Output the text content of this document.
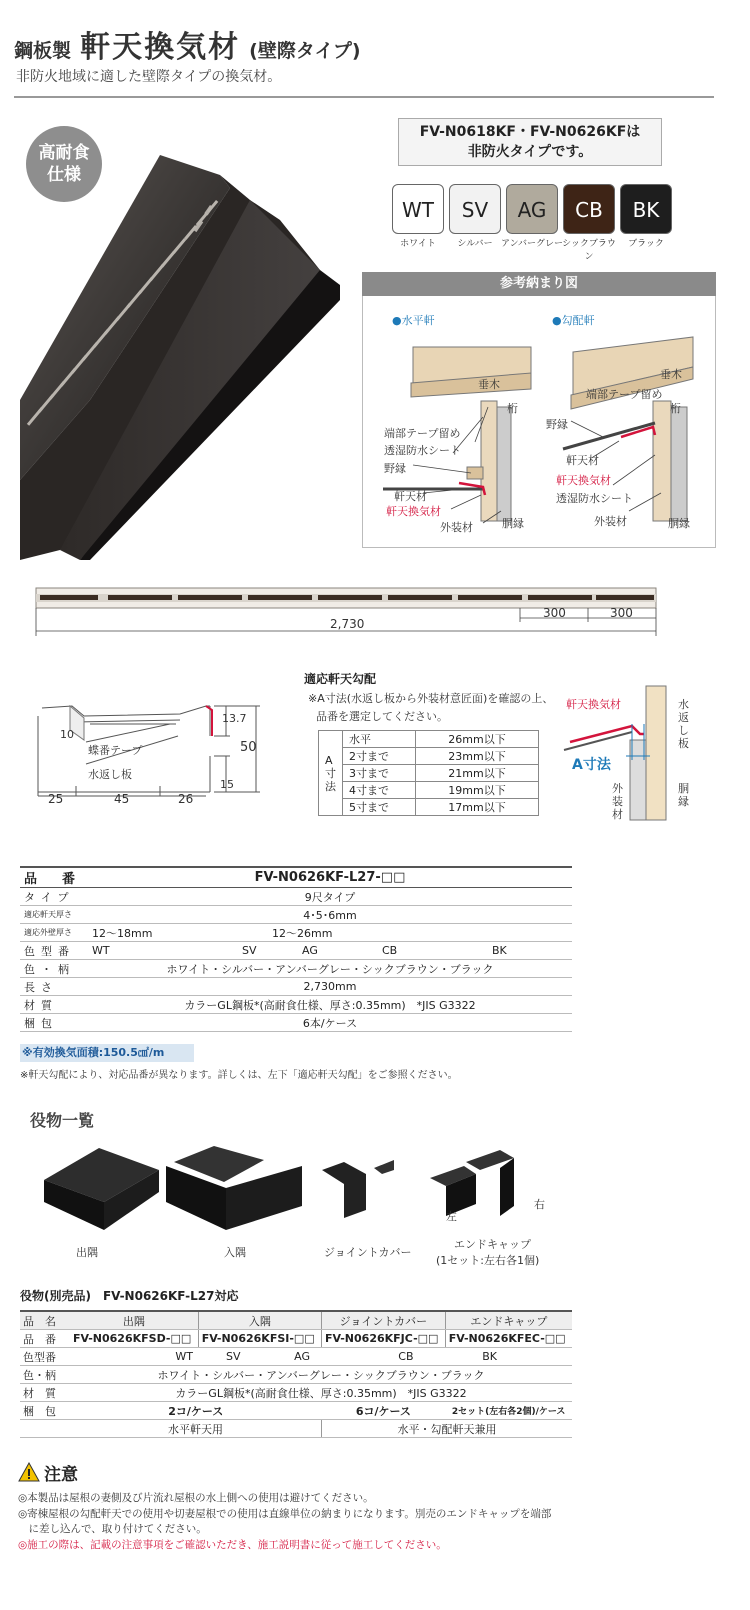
鋼板製 軒天換気材 (壁際タイプ)
非防火地域に適した壁際タイプの換気材。
高耐食
仕様
FV-N0618KF・FV-N0626KFは
非防火タイプです。
WT
ホワイト
SV
シルバー
AG
アンバーグレー
CB
シックブラウン
BK
ブラック
参考納まり図
●水平軒	●勾配軒
垂木
桁
端部テープ留め
透湿防水シート
野縁
軒天材
軒天換気材
外装材	胴縁
垂木
端部テープ留め
桁
野縁
軒天材
軒天換気材
透湿防水シート
外装材	胴縁
2,730
300	300
10
13.7
50
15
25	45	26
蝶番テープ
水返し板
適応軒天勾配
※A寸法(水返し板から外装材意匠面)を確認の上、
品番を選定してください。
A寸法	水平	26mm以下
	2寸まで	23mm以下
	3寸まで	21mm以下
	4寸まで	19mm以下
	5寸まで	17mm以下
軒天換気材
A寸法
水返し板
外装材
胴縁
品　番	FV-N0626KF-L27-□□
タイプ	9尺タイプ
適応軒天厚さ	4･5･6mm
適応外壁厚さ	12〜18mm 12〜26mm
色型番	WT SV AG CB BK
色・柄	ホワイト・シルバー・アンバーグレー・シックブラウン・ブラック
長さ	2,730mm
材質	カラーGL鋼板*(高耐食仕様、厚さ:0.35mm)　*JIS G3322
梱包	6本/ケース
※有効換気面積:150.5㎠/m
※軒天勾配により、対応品番が異なります。詳しくは、左下「適応軒天勾配」をご参照ください。
役物一覧
出隅	入隅	ジョイントカバー
左
右
エンドキャップ
(1セット:左右各1個)
役物(別売品)　FV-N0626KF-L27対応
品　名	出隅	入隅	ジョイントカバー	エンドキャップ
品　番	FV-N0626KFSD-□□	FV-N0626KFSI-□□	FV-N0626KFJC-□□	FV-N0626KFEC-□□
色型番	WT SV AG CB BK			
色・柄	ホワイト・シルバー・アンバーグレー・シックブラウン・ブラック			
材　質	カラーGL鋼板*(高耐食仕様、厚さ:0.35mm)　*JIS G3322			
梱　包	2コ/ケース		6コ/ケース	2セット(左右各2個)/ケース
	水平軒天用		水平・勾配軒天兼用	
注意
◎本製品は屋根の妻側及び片流れ屋根の水上側への使用は避けてください。
◎寄棟屋根の勾配軒天での使用や切妻屋根での使用は直線単位の納まりになります。別売のエンドキャップを端部
　に差し込んで、取り付けてください。
◎施工の際は、記載の注意事項をご確認いただき、施工説明書に従って施工してください。
